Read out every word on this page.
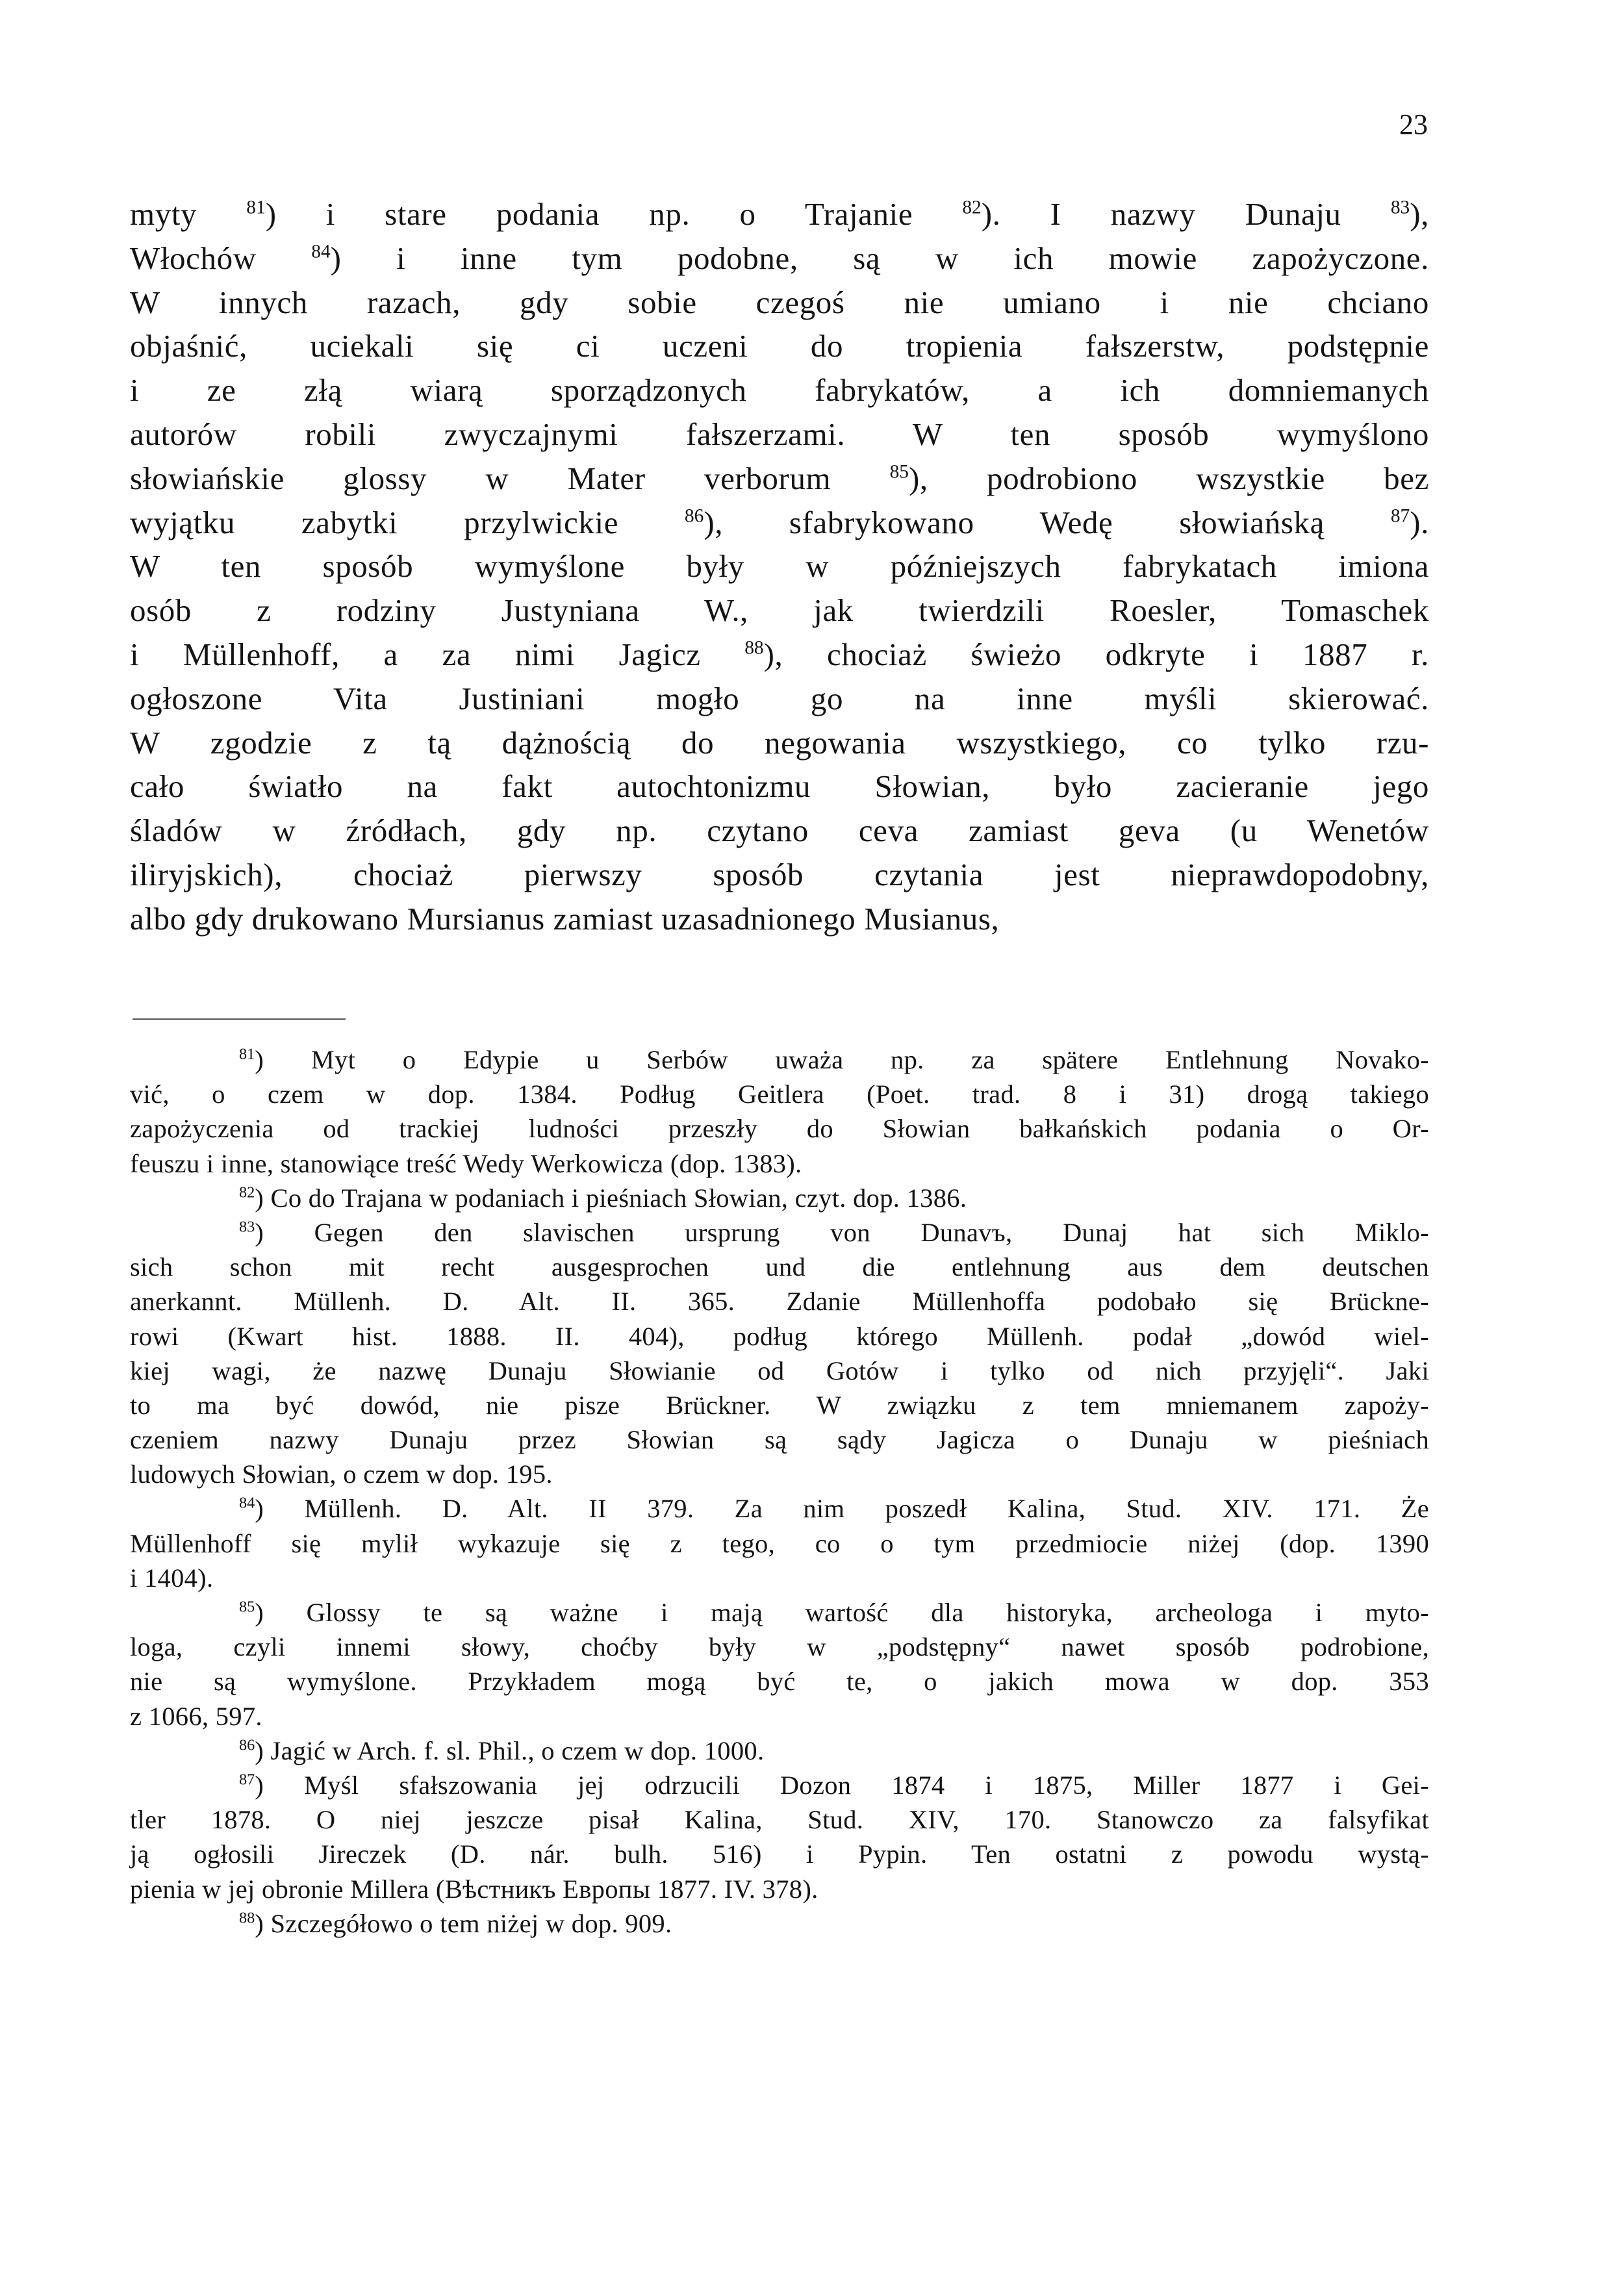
23
myty $^{81}$) i stare podania np. o Trajanie $^{82}$). I nazwy Dunaju $^{83}$),
Włochów $^{84}$) i inne tym podobne, są w ich mowie zapożyczone.
W innych razach, gdy sobie czegoś nie umiano i nie chciano
objaśnić, uciekali się ci uczeni do tropienia fałszerstw, podstępnie
i ze złą wiarą sporządzonych fabrykatów, a ich domniemanych
autorów robili zwyczajnymi fałszerzami. W ten sposób wymyślono
słowiańskie glossy w Mater verborum $^{85}$), podrobiono wszystkie bez
wyjątku zabytki przylwickie $^{86}$), sfabrykowano Wedę słowiańską $^{87}$).
W ten sposób wymyślone były w późniejszych fabrykatach imiona
osób z rodziny Justyniana W., jak twierdzili Roesler, Tomaschek
i Müllenhoff, a za nimi Jagicz $^{88}$), chociaż świeżo odkryte i 1887 r.
ogłoszone Vita Justiniani mogło go na inne myśli skierować.
W zgodzie z tą dążnością do negowania wszystkiego, co tylko rzu-
cało światło na fakt autochtonizmu Słowian, było zacieranie jego
śladów w źródłach, gdy np. czytano ceva zamiast geva (u Wenetów
iliryjskich), chociaż pierwszy sposób czytania jest nieprawdopodobny,
albo gdy drukowano Mursianus zamiast uzasadnionego Musianus,
$^{81}$) Myt o Edypie u Serbów uważa np. za spätere Entlehnung Novako-
vić, o czem w dop. 1384. Podług Geitlera (Poet. trad. 8 i 31) drogą takiego
zapożyczenia od trackiej ludności przeszły do Słowian bałkańskich podania o Or-
feuszu i inne, stanowiące treść Wedy Werkowicza (dop. 1383).
$^{82}$) Co do Trajana w podaniach i pieśniach Słowian, czyt. dop. 1386.
$^{83}$) Gegen den slavischen ursprung von Dunavъ, Dunaj hat sich Miklo-
sich schon mit recht ausgesprochen und die entlehnung aus dem deutschen
anerkannt. Müllenh. D. Alt. II. 365. Zdanie Müllenhoffa podobało się Brückne-
rowi (Kwart hist. 1888. II. 404), podług którego Müllenh. podał „dowód wiel-
kiej wagi, że nazwę Dunaju Słowianie od Gotów i tylko od nich przyjęli“. Jaki
to ma być dowód, nie pisze Brückner. W związku z tem mniemanem zapoży-
czeniem nazwy Dunaju przez Słowian są sądy Jagicza o Dunaju w pieśniach
ludowych Słowian, o czem w dop. 195.
$^{84}$) Müllenh. D. Alt. II 379. Za nim poszedł Kalina, Stud. XIV. 171. Że
Müllenhoff się mylił wykazuje się z tego, co o tym przedmiocie niżej (dop. 1390
i 1404).
$^{85}$) Glossy te są ważne i mają wartość dla historyka, archeologa i myto-
loga, czyli innemi słowy, choćby były w „podstępny“ nawet sposób podrobione,
nie są wymyślone. Przykładem mogą być te, o jakich mowa w dop. 353
z 1066, 597.
$^{86}$) Jagić w Arch. f. sl. Phil., o czem w dop. 1000.
$^{87}$) Myśl sfałszowania jej odrzucili Dozon 1874 i 1875, Miller 1877 i Gei-
tler 1878. O niej jeszcze pisał Kalina, Stud. XIV, 170. Stanowczo za falsyfikat
ją ogłosili Jireczek (D. nár. bulh. 516) i Pypin. Ten ostatni z powodu wystą-
pienia w jej obronie Millera (Вѣстникъ Европы 1877. IV. 378).
$^{88}$) Szczegółowo o tem niżej w dop. 909.
